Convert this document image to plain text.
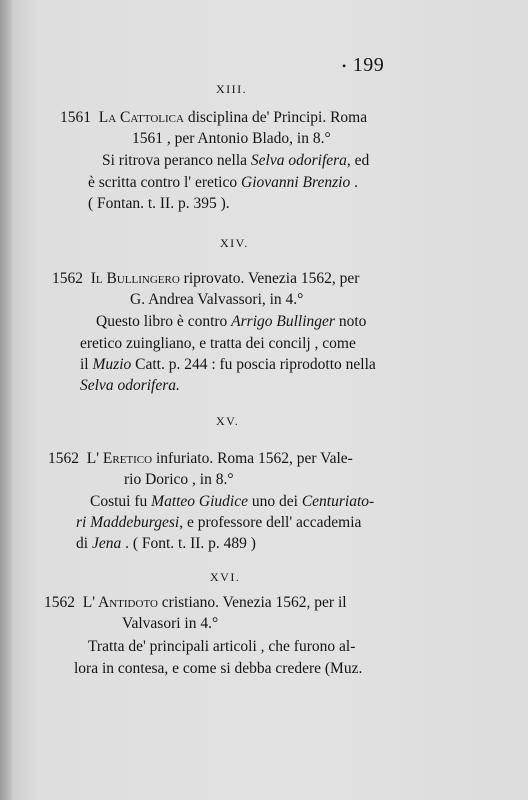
• 199
XIII.
1561 La Cattolica disciplina de' Principi. Roma
1561 , per Antonio Blado, in 8.°
Si ritrova peranco nella Selva odorifera, ed
è scritta contro l' eretico Giovanni Brenzio .
( Fontan. t. II. p. 395 ).
XIV.
1562 Il Bullingero riprovato. Venezia 1562, per
G. Andrea Valvassori, in 4.°
Questo libro è contro Arrigo Bullinger noto
eretico zuingliano, e tratta dei concilj , come
il Muzio Catt. p. 244 : fu poscia riprodotto nella
Selva odorifera.
XV.
1562 L' Eretico infuriato. Roma 1562, per Vale-
rio Dorico , in 8.°
Costui fu Matteo Giudice uno dei Centuriato-
ri Maddeburgesi, e professore dell' accademia
di Jena . ( Font. t. II. p. 489 )
XVI.
1562 L' Antidoto cristiano. Venezia 1562, per il
Valvasori in 4.°
Tratta de' principali articoli , che furono al-
lora in contesa, e come si debba credere (Muz.
